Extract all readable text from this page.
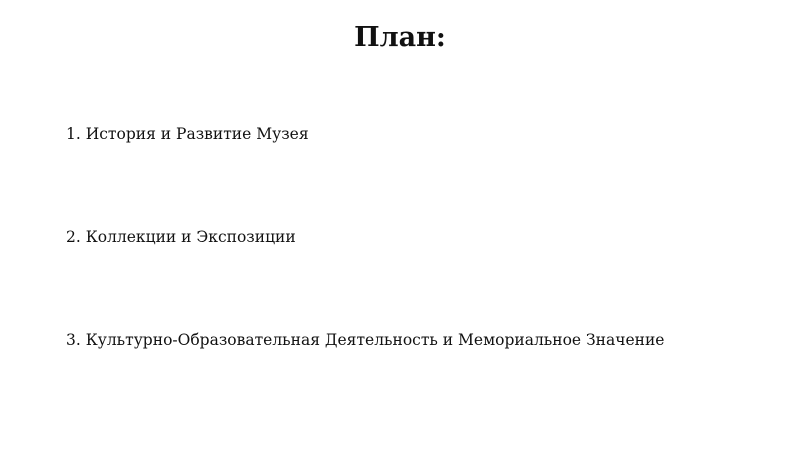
План:
1. История и Развитие Музея
2. Коллекции и Экспозиции
3. Культурно-Образовательная Деятельность и Мемориальное Значение
